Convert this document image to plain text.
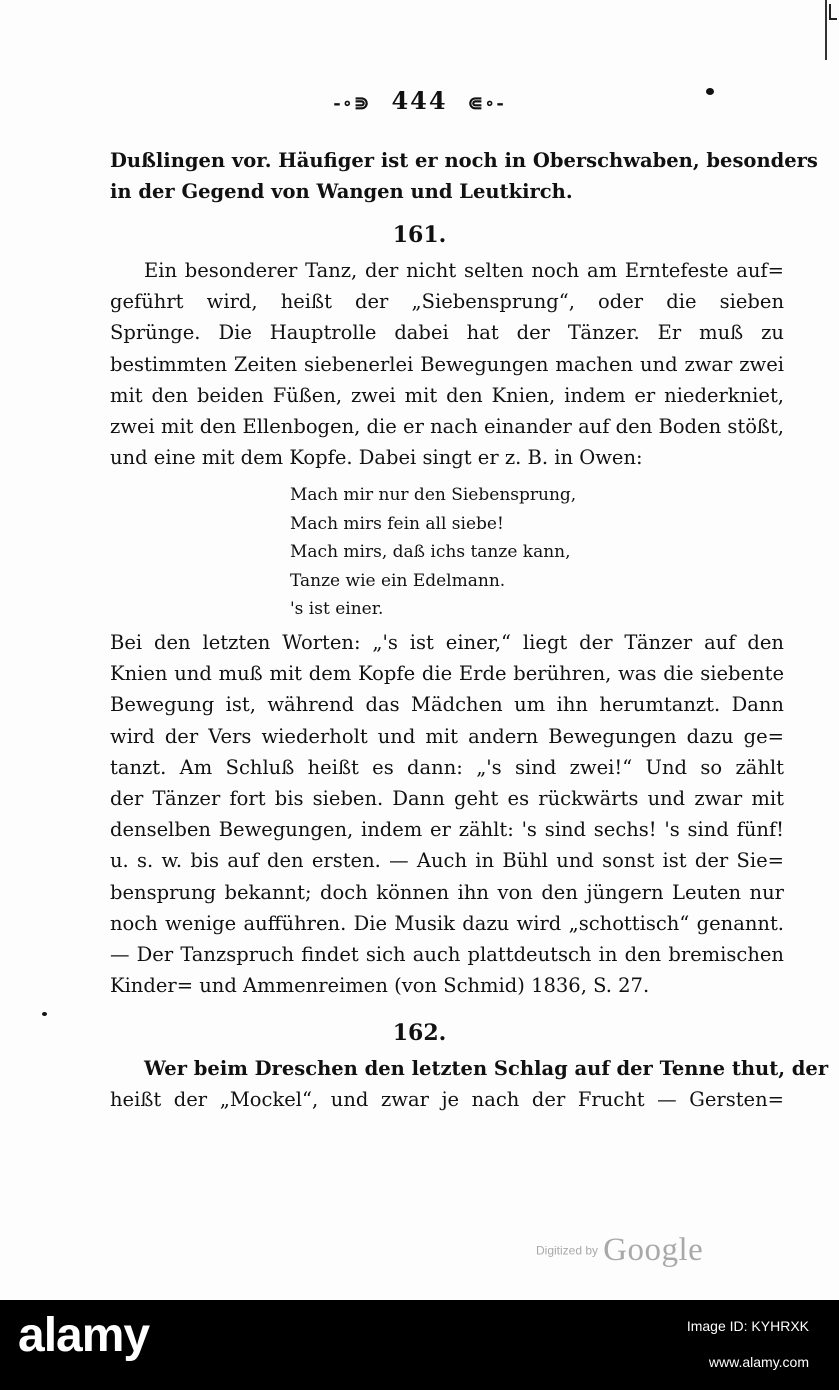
-∘⋑ 444 ⋐∘-
Dußlingen vor. Häufiger ist er noch in Oberschwaben, besonders
in der Gegend von Wangen und Leutkirch.
161.
Ein besonderer Tanz, der nicht selten noch am Erntefeste auf=
geführt wird, heißt der „Siebensprung“, oder die sieben
Sprünge. Die Hauptrolle dabei hat der Tänzer. Er muß zu
bestimmten Zeiten siebenerlei Bewegungen machen und zwar zwei
mit den beiden Füßen, zwei mit den Knien, indem er niederkniet,
zwei mit den Ellenbogen, die er nach einander auf den Boden stößt,
und eine mit dem Kopfe. Dabei singt er z. B. in Owen:
Mach mir nur den Siebensprung,
Mach mirs fein all siebe!
Mach mirs, daß ichs tanze kann,
Tanze wie ein Edelmann.
's ist einer.
Bei den letzten Worten: „'s ist einer,“ liegt der Tänzer auf den
Knien und muß mit dem Kopfe die Erde berühren, was die siebente
Bewegung ist, während das Mädchen um ihn herumtanzt. Dann
wird der Vers wiederholt und mit andern Bewegungen dazu ge=
tanzt. Am Schluß heißt es dann: „'s sind zwei!“ Und so zählt
der Tänzer fort bis sieben. Dann geht es rückwärts und zwar mit
denselben Bewegungen, indem er zählt: 's sind sechs! 's sind fünf!
u. s. w. bis auf den ersten. — Auch in Bühl und sonst ist der Sie=
bensprung bekannt; doch können ihn von den jüngern Leuten nur
noch wenige aufführen. Die Musik dazu wird „schottisch“ genannt.
— Der Tanzspruch findet sich auch plattdeutsch in den bremischen
Kinder= und Ammenreimen (von Schmid) 1836, S. 27.
162.
Wer beim Dreschen den letzten Schlag auf der Tenne thut, der
heißt der „Mockel“, und zwar je nach der Frucht — Gersten=
Digitized by Google
alamy	Image ID: KYHRXK
www.alamy.com
